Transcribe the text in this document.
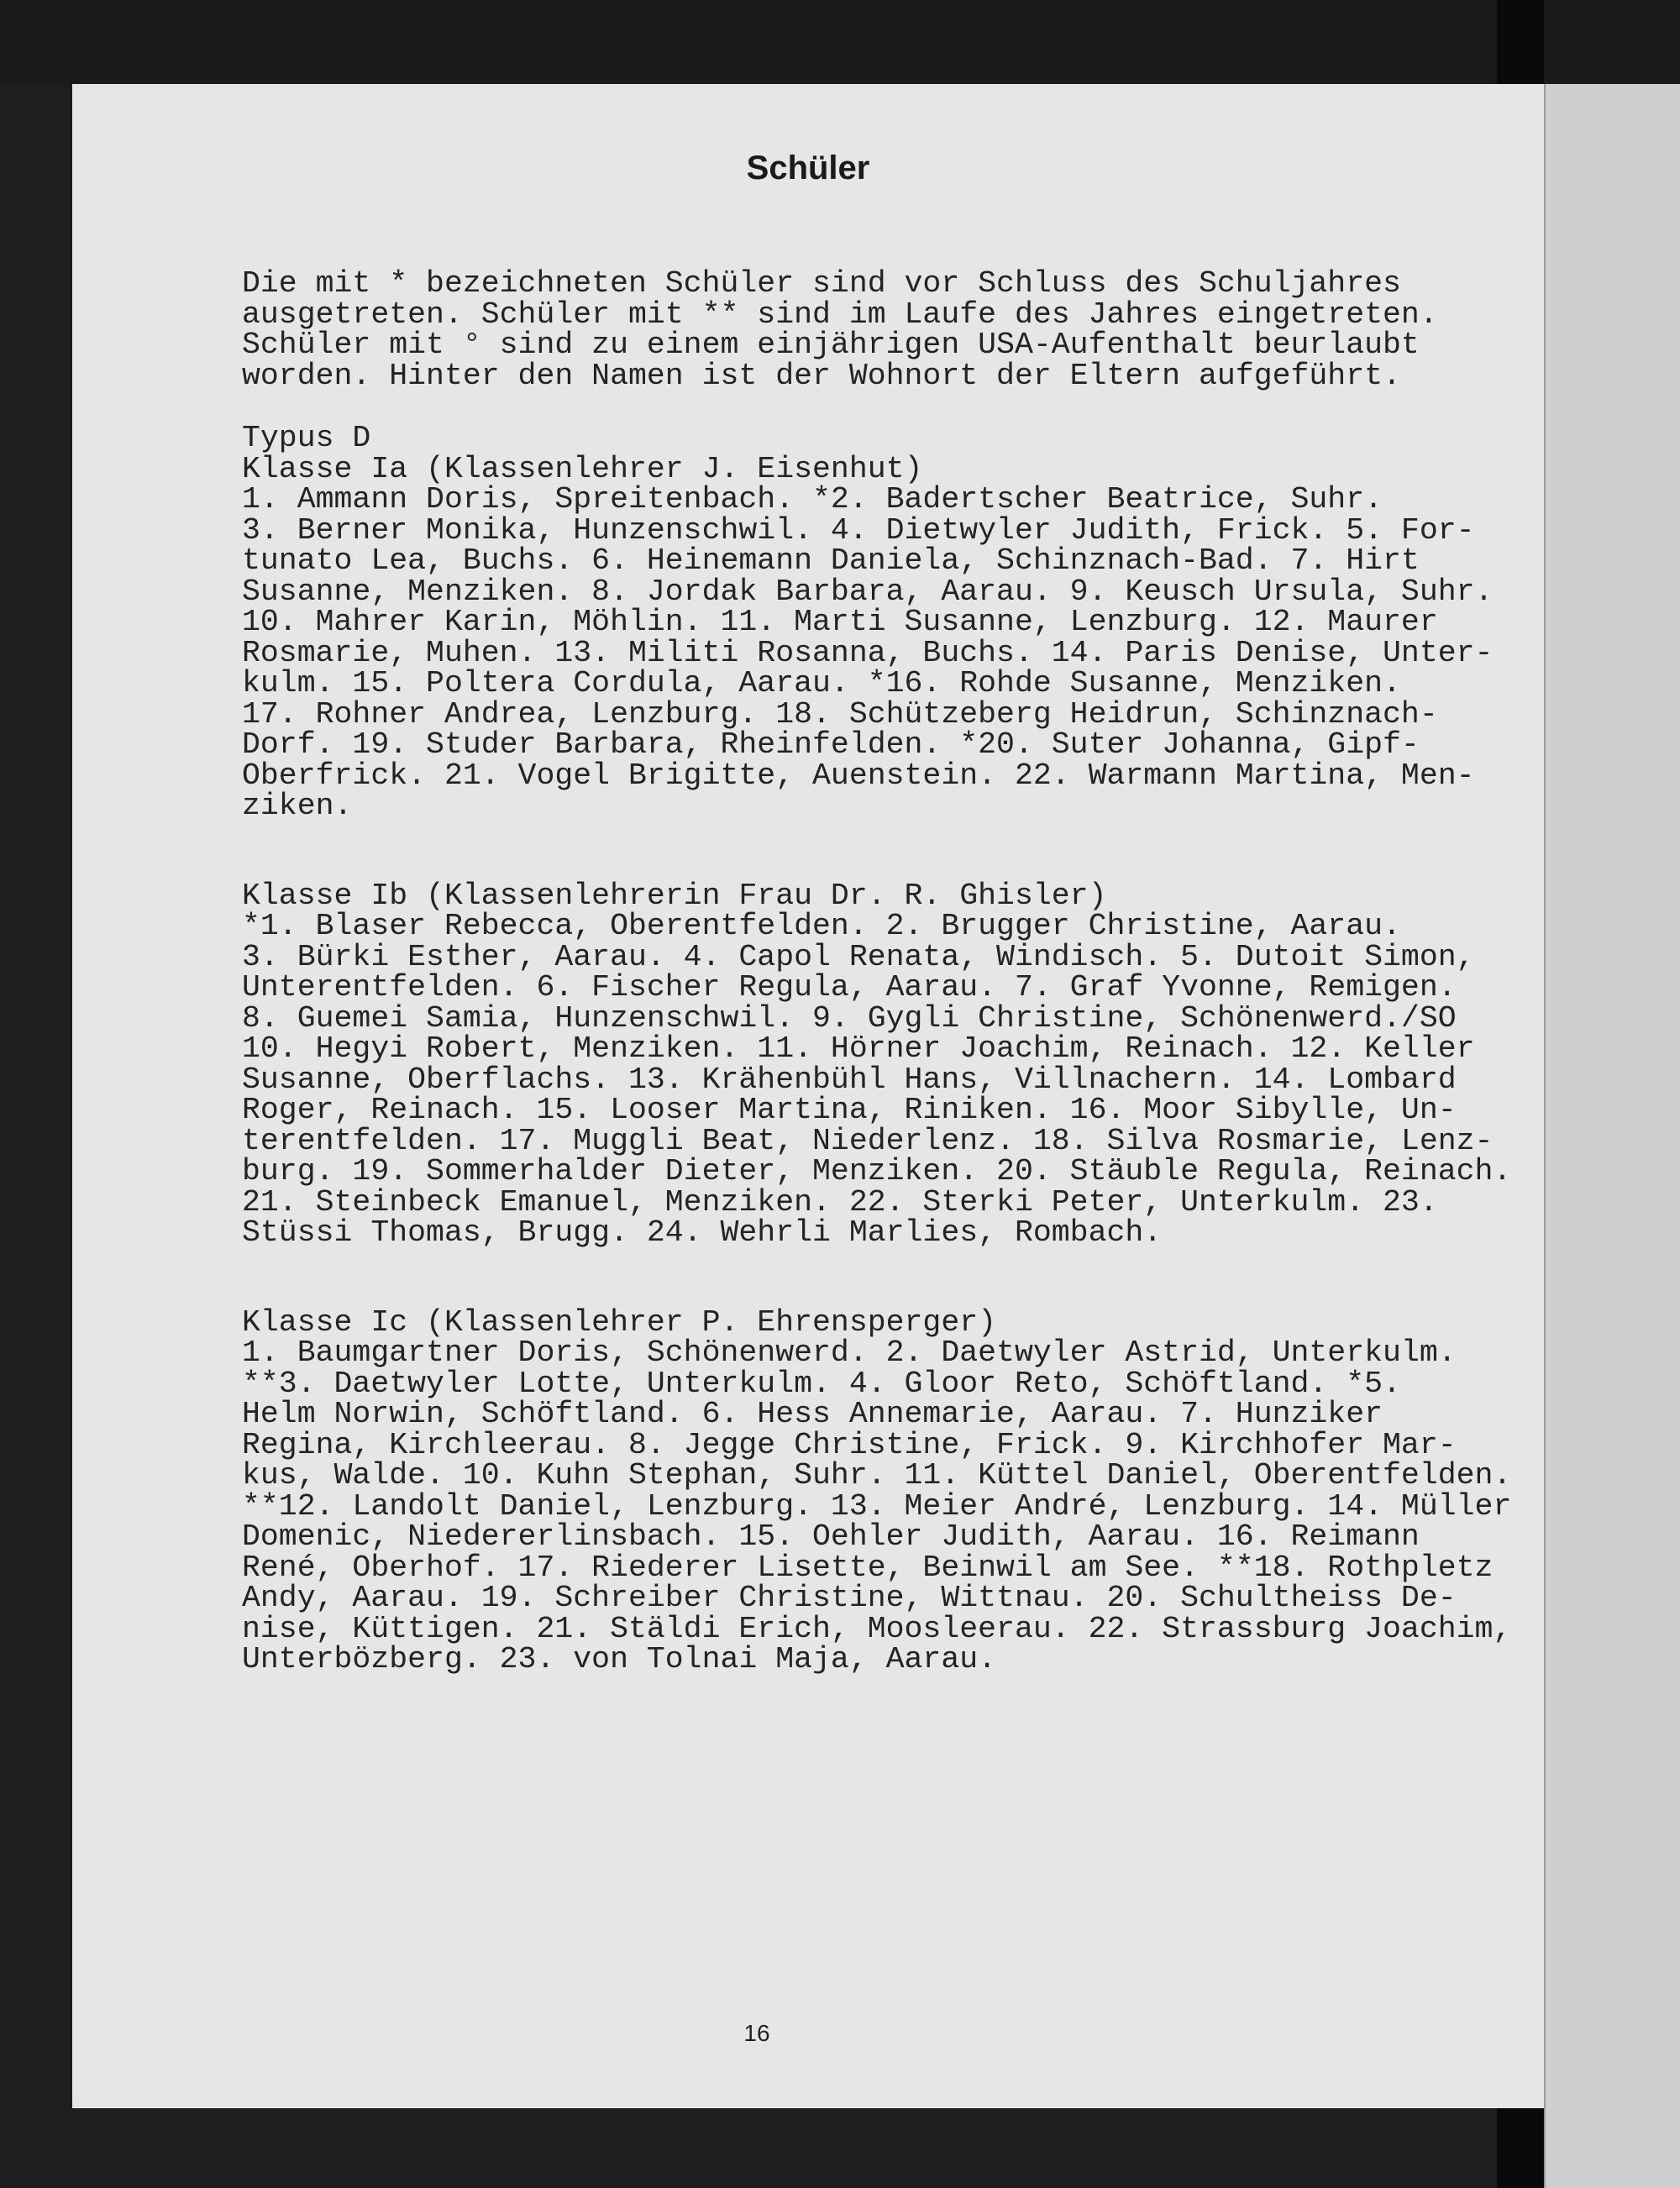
Schüler

Die mit * bezeichneten Schüler sind vor Schluss des Schuljahres

ausgetreten. Schüler mit ** sind im Laufe des Jahres eingetreten.

Schüler mit ° sind zu einem einjährigen USA-Aufenthalt beurlaubt

worden. Hinter den Namen ist der Wohnort der Eltern aufgeführt.

Typus D

Klasse Ia (Klassenlehrer J. Eisenhut)

1. Ammann Doris, Spreitenbach. *2. Badertscher Beatrice, Suhr.

3. Berner Monika, Hunzenschwil. 4. Dietwyler Judith, Frick. 5. For-

tunato Lea, Buchs. 6. Heinemann Daniela, Schinznach-Bad. 7. Hirt

Susanne, Menziken. 8. Jordak Barbara, Aarau. 9. Keusch Ursula, Suhr.

10. Mahrer Karin, Möhlin. 11. Marti Susanne, Lenzburg. 12. Maurer

Rosmarie, Muhen. 13. Militi Rosanna, Buchs. 14. Paris Denise, Unter-

kulm. 15. Poltera Cordula, Aarau. *16. Rohde Susanne, Menziken.

17. Rohner Andrea, Lenzburg. 18. Schützeberg Heidrun, Schinznach-

Dorf. 19. Studer Barbara, Rheinfelden. *20. Suter Johanna, Gipf-

Oberfrick. 21. Vogel Brigitte, Auenstein. 22. Warmann Martina, Men-

ziken.

Klasse Ib (Klassenlehrerin Frau Dr. R. Ghisler)

*1. Blaser Rebecca, Oberentfelden. 2. Brugger Christine, Aarau.

3. Bürki Esther, Aarau. 4. Capol Renata, Windisch. 5. Dutoit Simon,

Unterentfelden. 6. Fischer Regula, Aarau. 7. Graf Yvonne, Remigen.

8. Guemei Samia, Hunzenschwil. 9. Gygli Christine, Schönenwerd./SO

10. Hegyi Robert, Menziken. 11. Hörner Joachim, Reinach. 12. Keller

Susanne, Oberflachs. 13. Krähenbühl Hans, Villnachern. 14. Lombard

Roger, Reinach. 15. Looser Martina, Riniken. 16. Moor Sibylle, Un-

terentfelden. 17. Muggli Beat, Niederlenz. 18. Silva Rosmarie, Lenz-

burg. 19. Sommerhalder Dieter, Menziken. 20. Stäuble Regula, Reinach.

21. Steinbeck Emanuel, Menziken. 22. Sterki Peter, Unterkulm. 23.

Stüssi Thomas, Brugg. 24. Wehrli Marlies, Rombach.

Klasse Ic (Klassenlehrer P. Ehrensperger)

1. Baumgartner Doris, Schönenwerd. 2. Daetwyler Astrid, Unterkulm.

**3. Daetwyler Lotte, Unterkulm. 4. Gloor Reto, Schöftland. *5.

Helm Norwin, Schöftland. 6. Hess Annemarie, Aarau. 7. Hunziker

Regina, Kirchleerau. 8. Jegge Christine, Frick. 9. Kirchhofer Mar-

kus, Walde. 10. Kuhn Stephan, Suhr. 11. Küttel Daniel, Oberentfelden.

**12. Landolt Daniel, Lenzburg. 13. Meier André, Lenzburg. 14. Müller

Domenic, Niedererlinsbach. 15. Oehler Judith, Aarau. 16. Reimann

René, Oberhof. 17. Riederer Lisette, Beinwil am See. **18. Rothpletz

Andy, Aarau. 19. Schreiber Christine, Wittnau. 20. Schultheiss De-

nise, Küttigen. 21. Stäldi Erich, Moosleerau. 22. Strassburg Joachim,

Unterbözberg. 23. von Tolnai Maja, Aarau.

16
